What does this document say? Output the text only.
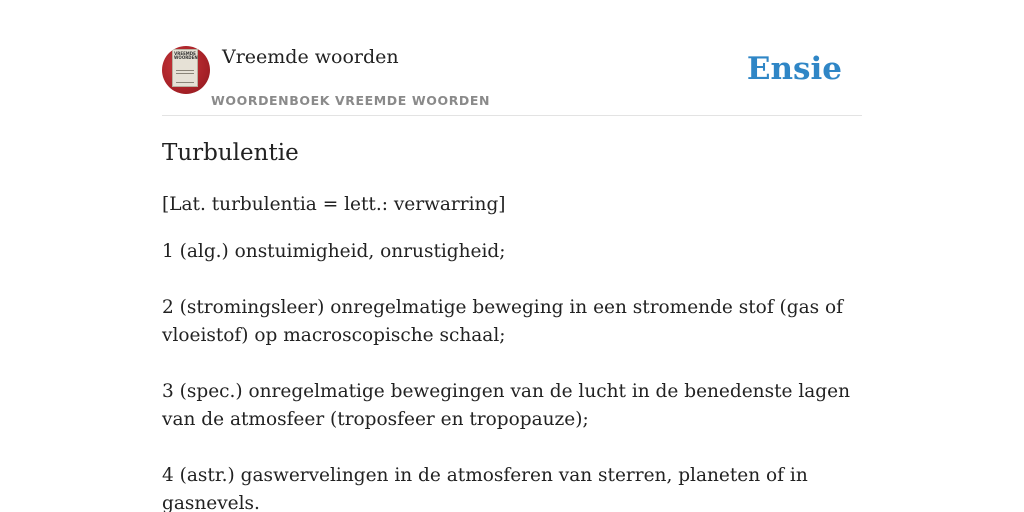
VREEMDE WOORDEN Vreemde woorden
WOORDENBOEK VREEMDE WOORDEN
Ensie
Turbulentie
[Lat. turbulentia = lett.: verwarring]

1 (alg.) onstuimigheid, onrustigheid;

2 (stromingsleer) onregelmatige beweging in een stromende stof (gas of vloeistof) op macroscopische schaal;

3 (spec.) onregelmatige bewegingen van de lucht in de benedenste lagen van de atmosfeer (troposfeer en tropopauze);

4 (astr.) gaswervelingen in de atmosferen van sterren, planeten of in gasnevels.
